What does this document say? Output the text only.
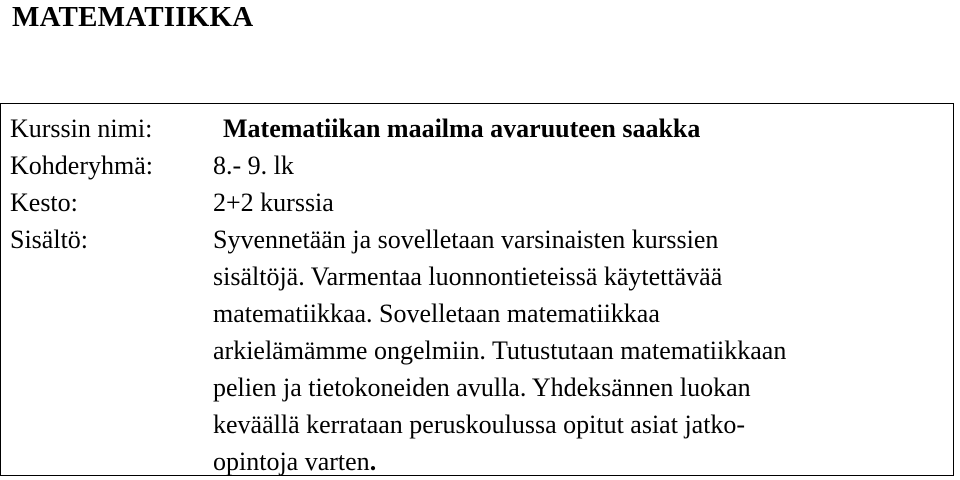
MATEMATIIKKA
Kurssin nimi:	Matematiikan maailma avaruuteen saakka
Kohderyhmä: 8.- 9. lk
Kesto:	2+2 kurssia
Sisältö:	Syvennetään ja sovelletaan varsinaisten kurssien
sisältöjä. Varmentaa luonnontieteissä käytettävää
matematiikkaa. Sovelletaan matematiikkaa
arkielämämme ongelmiin. Tutustutaan matematiikkaan
pelien ja tietokoneiden avulla. Yhdeksännen luokan
keväällä kerrataan peruskoulussa opitut asiat jatko-
opintoja varten.
